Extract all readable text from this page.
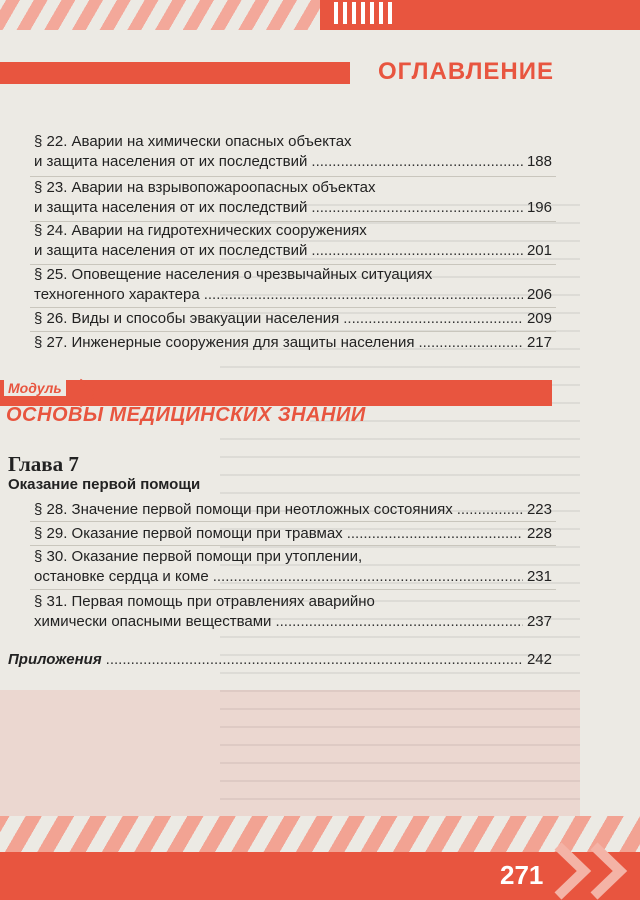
ОГЛАВЛЕНИЕ
§ 22. Аварии на химически опасных объектах
и защита населения от их последствий .....	188
§ 23. Аварии на взрывопожароопасных объектах
и защита населения от их последствий .....	196
§ 24. Аварии на гидротехнических сооружениях
и защита населения от их последствий .....	201
§ 25. Оповещение населения о чрезвычайных ситуациях
техногенного характера .....	206
§ 26. Виды и способы эвакуации населения .....	209
§ 27. Инженерные сооружения для защиты населения .....	217
Модуль
ОСНОВЫ МЕДИЦИНСКИХ ЗНАНИЙ
Глава 7
Оказание первой помощи
§ 28. Значение первой помощи при неотложных состояниях .....	223
§ 29. Оказание первой помощи при травмах .....	228
§ 30. Оказание первой помощи при утоплении,
остановке сердца и коме .....	231
§ 31. Первая помощь при отравлениях аварийно
химически опасными веществами .....	237
Приложения .....	242
271
